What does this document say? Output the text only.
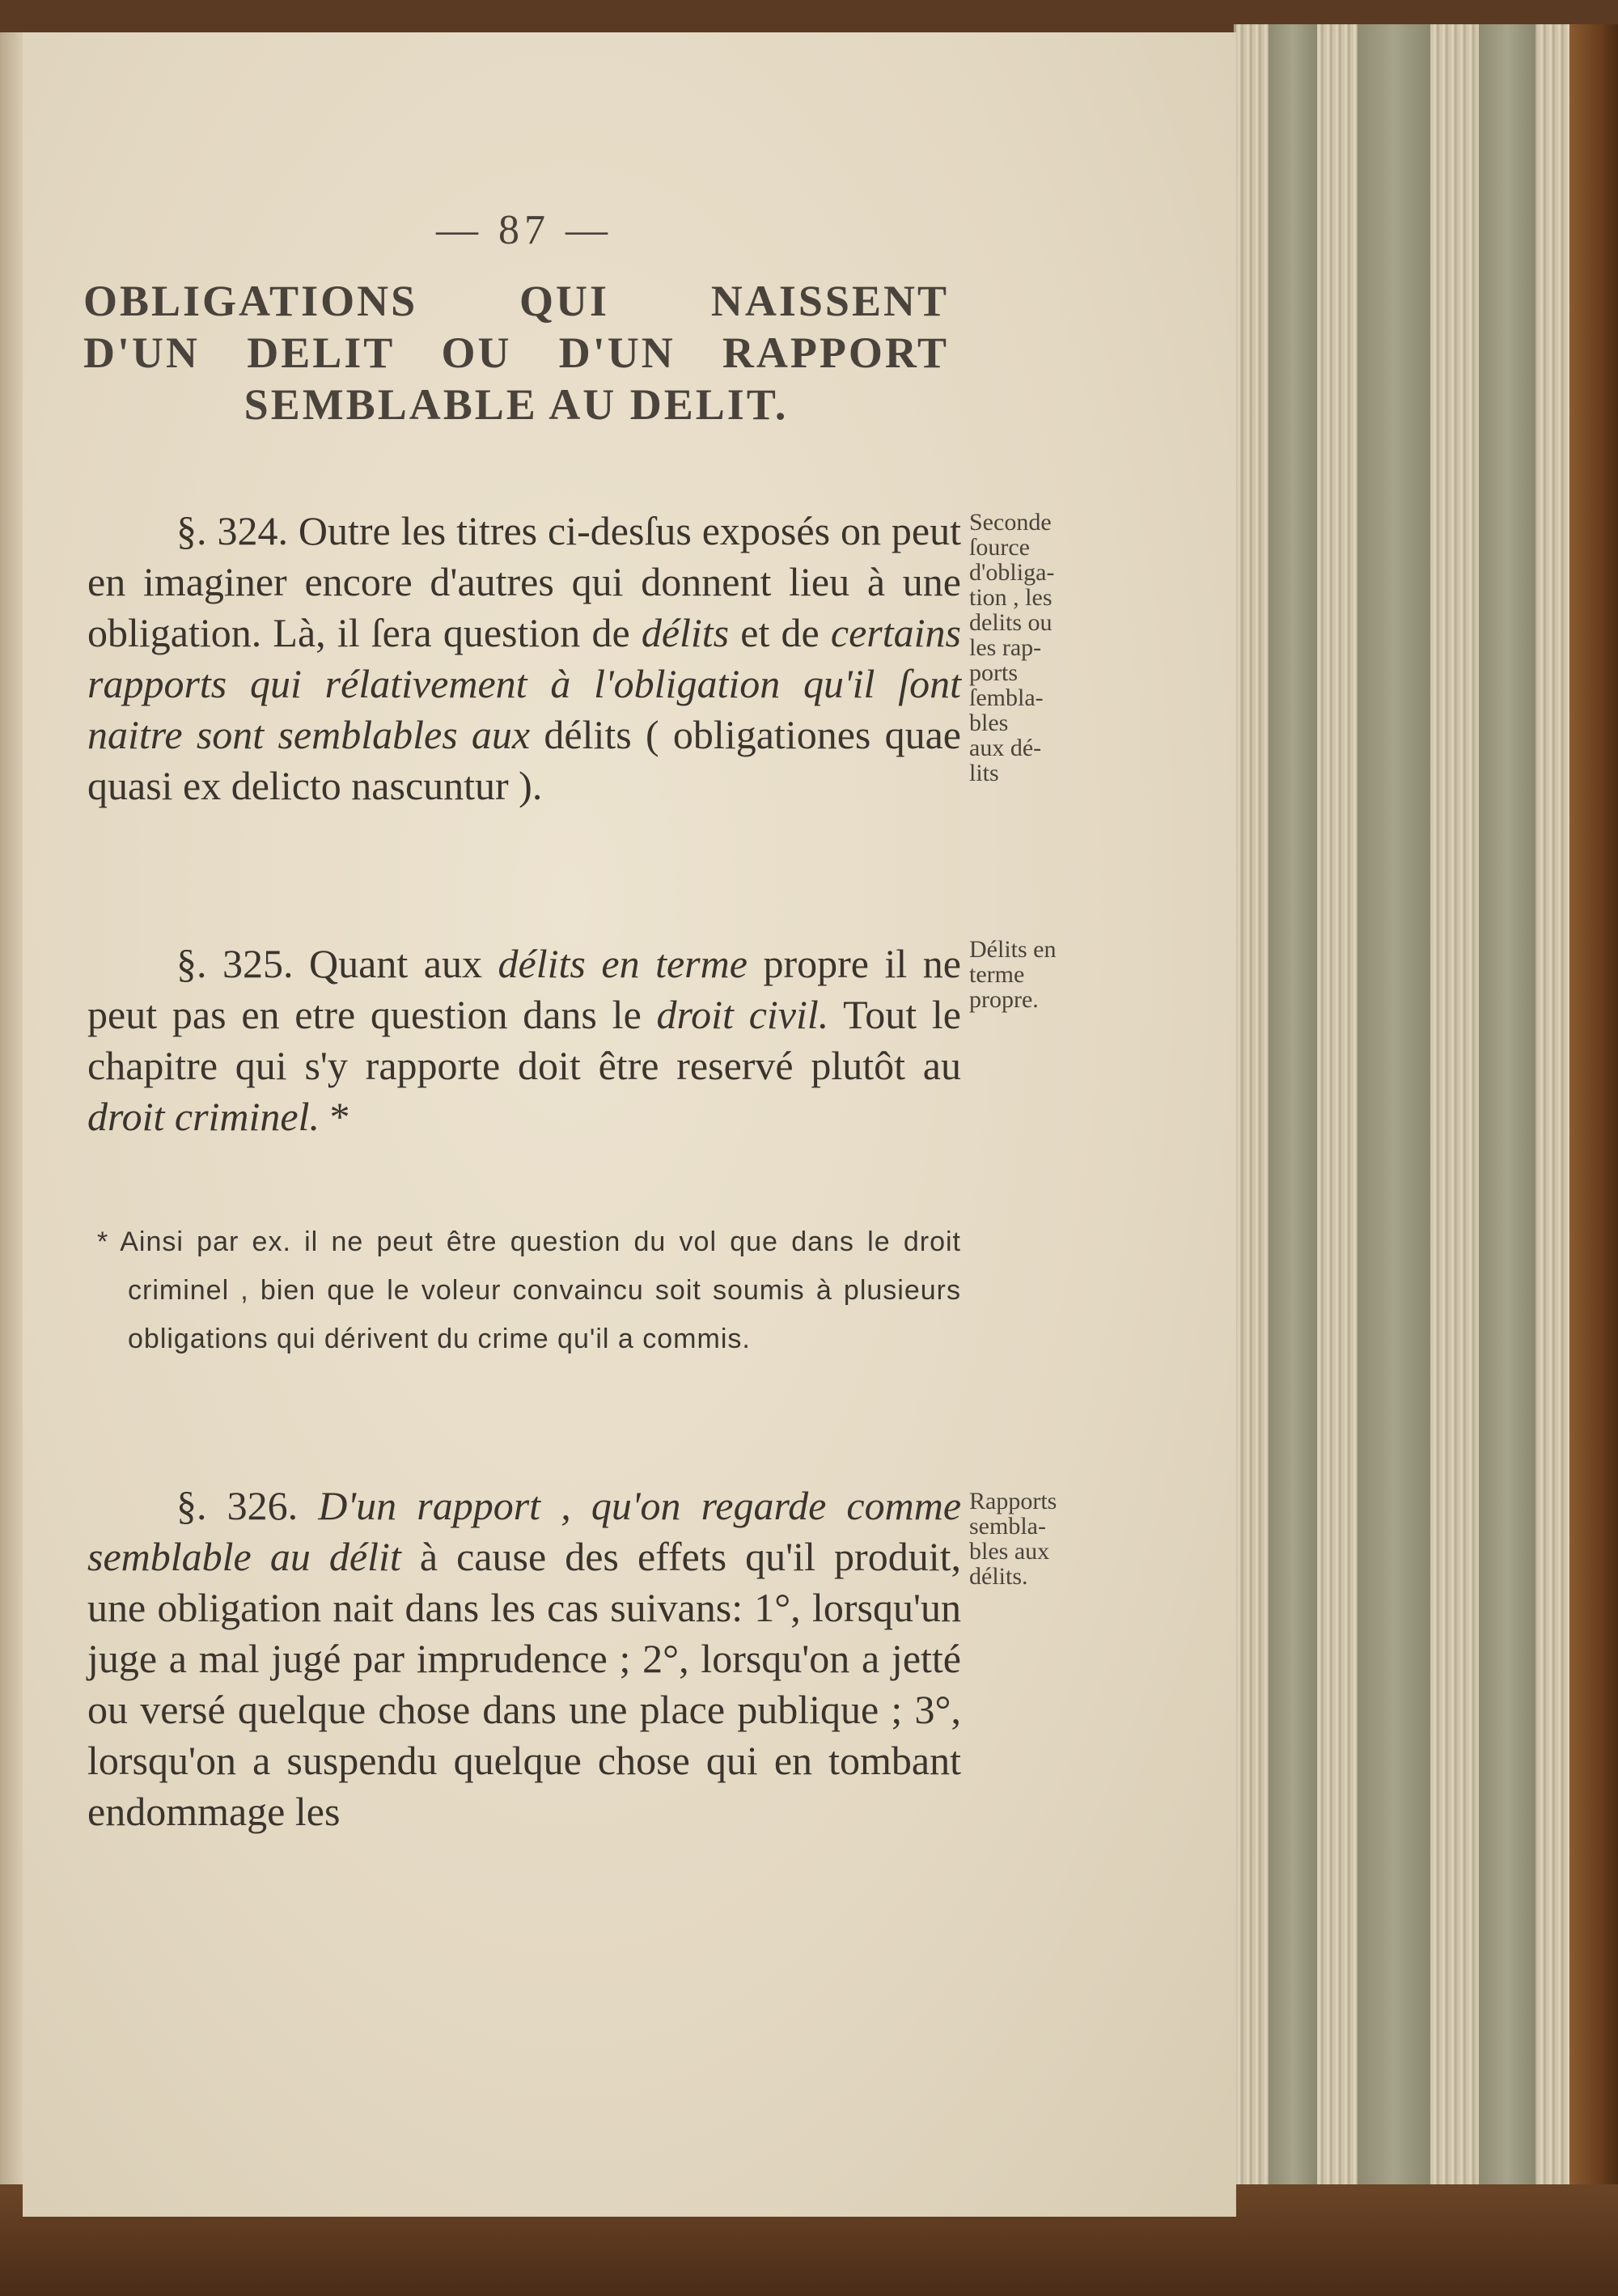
— 87 —

OBLIGATIONS QUI NAISSENT
D'UN DELIT OU D'UN RAPPORT
SEMBLABLE AU DELIT.

§. 324. Outre les titres ci-desſus exposés on peut en imaginer encore d'autres qui donnent lieu à une obligation. Là, il ſera question de délits et de certains rapports qui rélativement à l'obligation qu'il ſont naitre sont semblables aux délits ( obligationes quae quasi ex delicto nascuntur ).

§. 325. Quant aux délits en terme propre il ne peut pas en etre question dans le droit civil. Tout le chapitre qui s'y rapporte doit être reservé plutôt au droit criminel. *

* Ainsi par ex. il ne peut être question du vol que dans le droit criminel , bien que le voleur convaincu soit soumis à plusieurs obligations qui dérivent du crime qu'il a commis.

§. 326. D'un rapport , qu'on regarde comme semblable au délit à cause des effets qu'il produit, une obligation nait dans les cas suivans: 1°, lorsqu'un juge a mal jugé par imprudence ; 2°, lorsqu'on a jetté ou versé quelque chose dans une place publique ; 3°, lorsqu'on a suspendu quelque chose qui en tombant endommage les

Seconde
ſource
d'obliga-
tion , les
delits ou
les rap-
ports
ſembla-
bles
aux dé-
lits
Délits en
terme
propre.
Rapports
sembla-
bles aux
délits.
